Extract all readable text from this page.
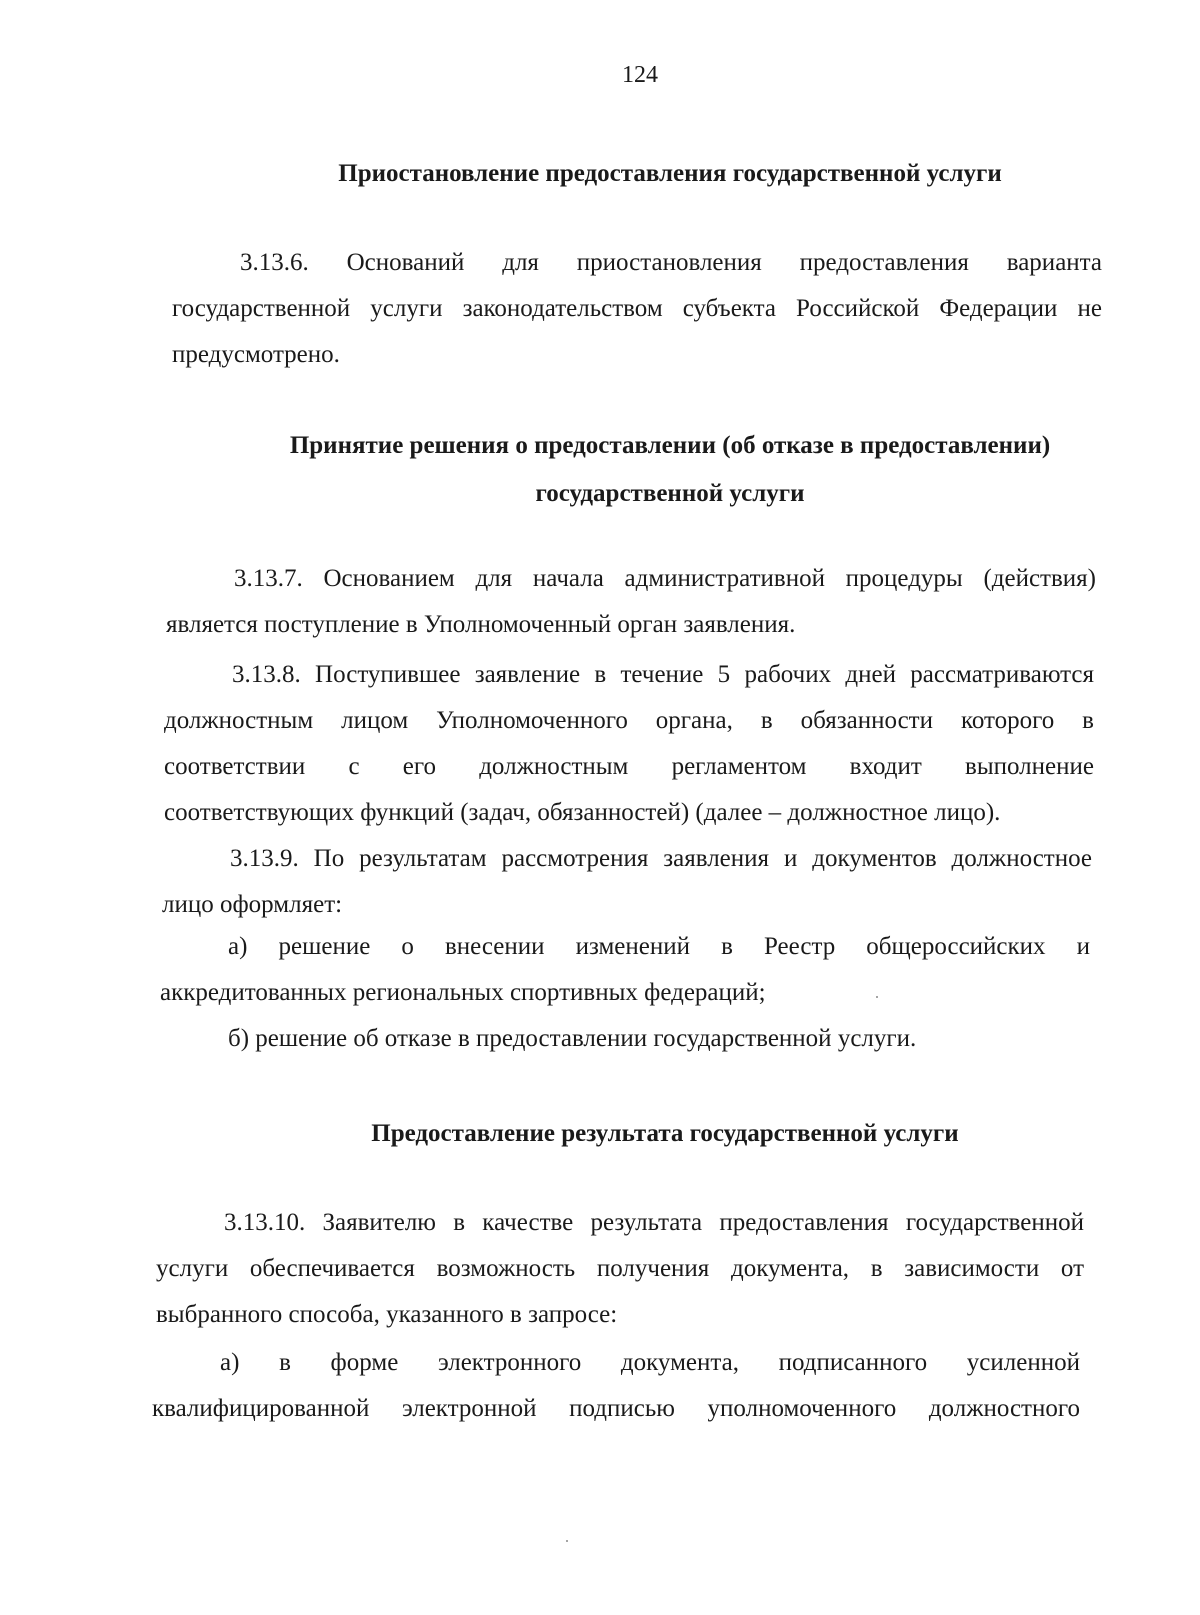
124
Приостановление предоставления государственной услуги
3.13.6. Оснований для приостановления предоставления варианта
государственной услуги законодательством субъекта Российской Федерации не
предусмотрено.
Принятие решения о предоставлении (об отказе в предоставлении)
государственной услуги
3.13.7. Основанием для начала административной процедуры (действия)
является поступление в Уполномоченный орган заявления.
3.13.8. Поступившее заявление в течение 5 рабочих дней рассматриваются
должностным лицом Уполномоченного органа, в обязанности которого в
соответствии с его должностным регламентом входит выполнение
соответствующих функций (задач, обязанностей) (далее – должностное лицо).
3.13.9. По результатам рассмотрения заявления и документов должностное
лицо оформляет:
а) решение о внесении изменений в Реестр общероссийских и
аккредитованных региональных спортивных федераций;
б) решение об отказе в предоставлении государственной услуги.
Предоставление результата государственной услуги
3.13.10. Заявителю в качестве результата предоставления государственной
услуги обеспечивается возможность получения документа, в зависимости от
выбранного способа, указанного в запросе:
а) в форме электронного документа, подписанного усиленной
квалифицированной электронной подписью уполномоченного должностного
